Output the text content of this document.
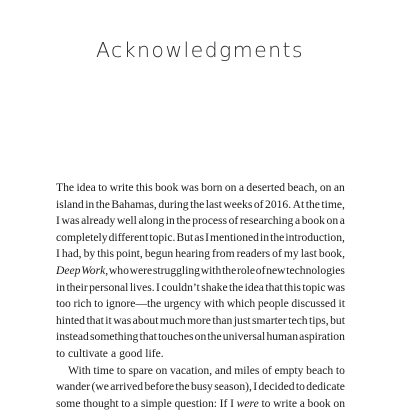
Acknowledgments
The idea to write this book was born on a deserted beach, on an
island in the Bahamas, during the last weeks of 2016. At the time,
I was already well along in the process of researching a book on a
completely different topic. But as I mentioned in the introduction,
I had, by this point, begun hearing from readers of my last book,
Deep Work, who were struggling with the role of new technologies
in their personal lives. I couldn’t shake the idea that this topic was
too rich to ignore—the urgency with which people discussed it
hinted that it was about much more than just smarter tech tips, but
instead something that touches on the universal human aspiration
to cultivate a good life.
With time to spare on vacation, and miles of empty beach to
wander (we arrived before the busy season), I decided to dedicate
some thought to a simple question: If I were to write a book on
